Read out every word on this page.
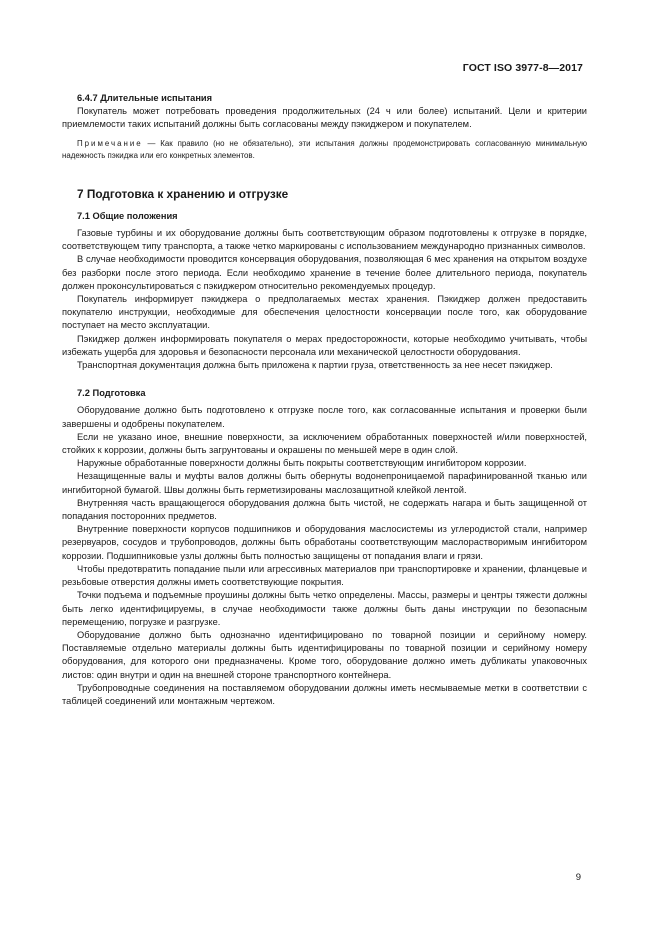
ГОСТ ISO 3977-8—2017

6.4.7 Длительные испытания

Покупатель может потребовать проведения продолжительных (24 ч или более) испытаний. Цели и критерии приемлемости таких испытаний должны быть согласованы между пэкиджером и покупателем.

Примечание — Как правило (но не обязательно), эти испытания должны продемонстрировать согласованную минимальную надежность пэкиджа или его конкретных элементов.

7 Подготовка к хранению и отгрузке

7.1 Общие положения

Газовые турбины и их оборудование должны быть соответствующим образом подготовлены к отгрузке в порядке, соответствующем типу транспорта, а также четко маркированы с использованием международно признанных символов.

В случае необходимости проводится консервация оборудования, позволяющая 6 мес хранения на открытом воздухе без разборки после этого периода. Если необходимо хранение в течение более длительного периода, покупатель должен проконсультироваться с пэкиджером относительно рекомендуемых процедур.

Покупатель информирует пэкиджера о предполагаемых местах хранения. Пэкиджер должен предоставить покупателю инструкции, необходимые для обеспечения целостности консервации после того, как оборудование поступает на место эксплуатации.

Пэкиджер должен информировать покупателя о мерах предосторожности, которые необходимо учитывать, чтобы избежать ущерба для здоровья и безопасности персонала или механической целостности оборудования.

Транспортная документация должна быть приложена к партии груза, ответственность за нее несет пэкиджер.

7.2 Подготовка

Оборудование должно быть подготовлено к отгрузке после того, как согласованные испытания и проверки были завершены и одобрены покупателем.

Если не указано иное, внешние поверхности, за исключением обработанных поверхностей и/или поверхностей, стойких к коррозии, должны быть загрунтованы и окрашены по меньшей мере в один слой.

Наружные обработанные поверхности должны быть покрыты соответствующим ингибитором коррозии.

Незащищенные валы и муфты валов должны быть обернуты водонепроницаемой парафинированной тканью или ингибиторной бумагой. Швы должны быть герметизированы маслозащитной клейкой лентой.

Внутренняя часть вращающегося оборудования должна быть чистой, не содержать нагара и быть защищенной от попадания посторонних предметов.

Внутренние поверхности корпусов подшипников и оборудования маслосистемы из углеродистой стали, например резервуаров, сосудов и трубопроводов, должны быть обработаны соответствующим маслорастворимым ингибитором коррозии. Подшипниковые узлы должны быть полностью защищены от попадания влаги и грязи.

Чтобы предотвратить попадание пыли или агрессивных материалов при транспортировке и хранении, фланцевые и резьбовые отверстия должны иметь соответствующие покрытия.

Точки подъема и подъемные проушины должны быть четко определены. Массы, размеры и центры тяжести должны быть легко идентифицируемы, в случае необходимости также должны быть даны инструкции по безопасным перемещению, погрузке и разгрузке.

Оборудование должно быть однозначно идентифицировано по товарной позиции и серийному номеру. Поставляемые отдельно материалы должны быть идентифицированы по товарной позиции и серийному номеру оборудования, для которого они предназначены. Кроме того, оборудование должно иметь дубликаты упаковочных листов: один внутри и один на внешней стороне транспортного контейнера.

Трубопроводные соединения на поставляемом оборудовании должны иметь несмываемые метки в соответствии с таблицей соединений или монтажным чертежом.

9
